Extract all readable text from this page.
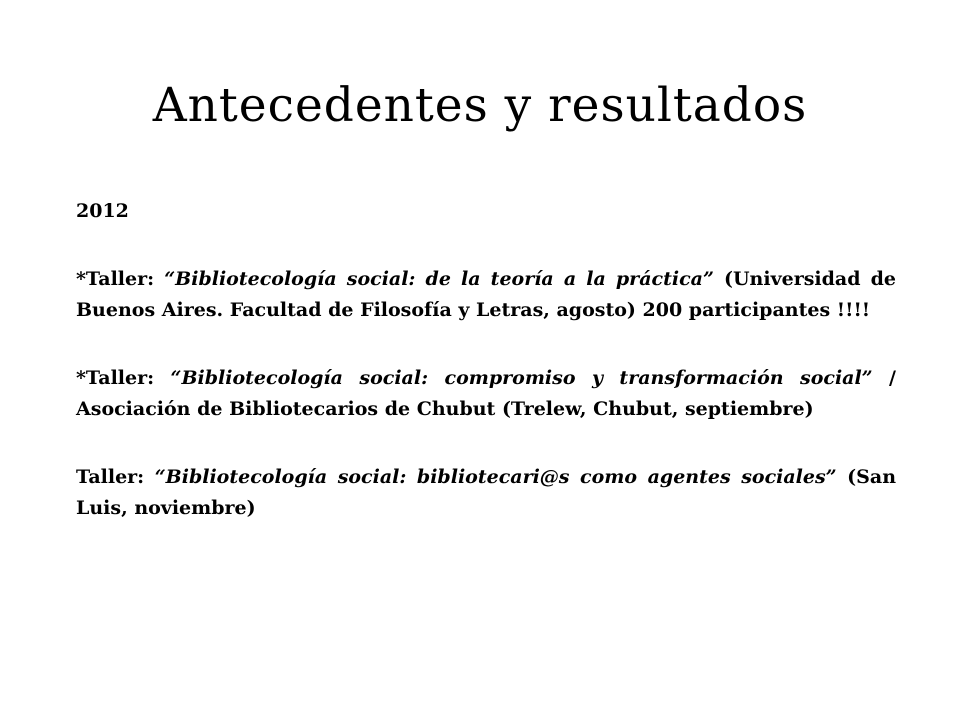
Antecedentes y resultados

2012

*Taller: “Bibliotecología social: de la teoría a la práctica” (Universidad de Buenos Aires. Facultad de Filosofía y Letras, agosto) 200 participantes !!!!

*Taller: “Bibliotecología social: compromiso y transformación social” / Asociación de Bibliotecarios de Chubut (Trelew, Chubut, septiembre)

Taller: “Bibliotecología social: bibliotecari@s como agentes sociales” (San Luis, noviembre)
